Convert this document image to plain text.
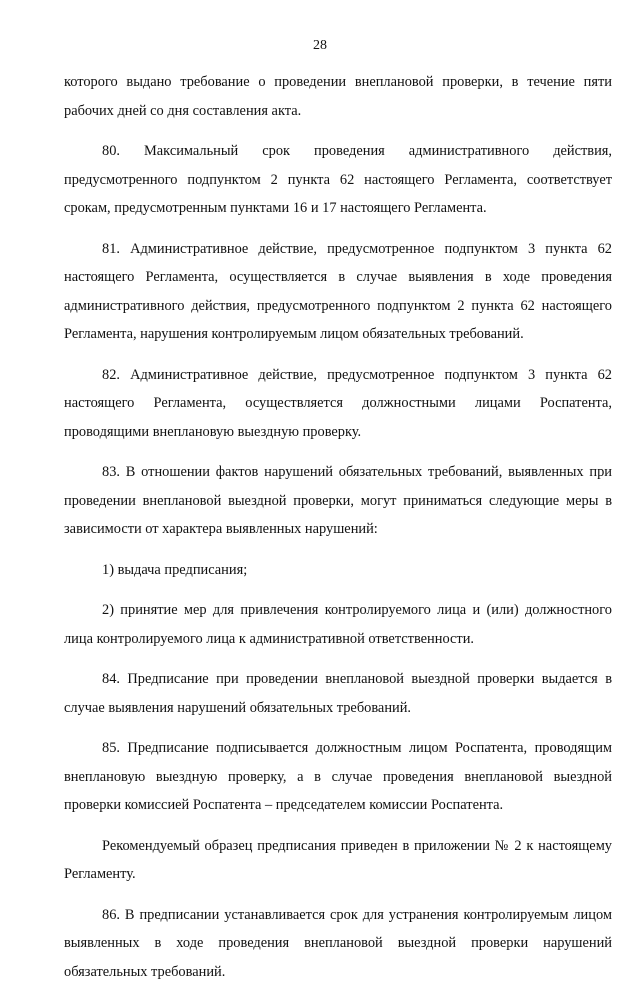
28

которого выдано требование о проведении внеплановой проверки, в течение пяти рабочих дней со дня составления акта.

80. Максимальный срок проведения административного действия, предусмотренного подпунктом 2 пункта 62 настоящего Регламента, соответствует срокам, предусмотренным пунктами 16 и 17 настоящего Регламента.

81. Административное действие, предусмотренное подпунктом 3 пункта 62 настоящего Регламента, осуществляется в случае выявления в ходе проведения административного действия, предусмотренного подпунктом 2 пункта 62 настоящего Регламента, нарушения контролируемым лицом обязательных требований.

82. Административное действие, предусмотренное подпунктом 3 пункта 62 настоящего Регламента, осуществляется должностными лицами Роспатента, проводящими внеплановую выездную проверку.

83. В отношении фактов нарушений обязательных требований, выявленных при проведении внеплановой выездной проверки, могут приниматься следующие меры в зависимости от характера выявленных нарушений:

1) выдача предписания;

2) принятие мер для привлечения контролируемого лица и (или) должностного лица контролируемого лица к административной ответственности.

84. Предписание при проведении внеплановой выездной проверки выдается в случае выявления нарушений обязательных требований.

85. Предписание подписывается должностным лицом Роспатента, проводящим внеплановую выездную проверку, а в случае проведения внеплановой выездной проверки комиссией Роспатента – председателем комиссии Роспатента.

Рекомендуемый образец предписания приведен в приложении № 2 к настоящему Регламенту.

86. В предписании устанавливается срок для устранения контролируемым лицом выявленных в ходе проведения внеплановой выездной проверки нарушений обязательных требований.
